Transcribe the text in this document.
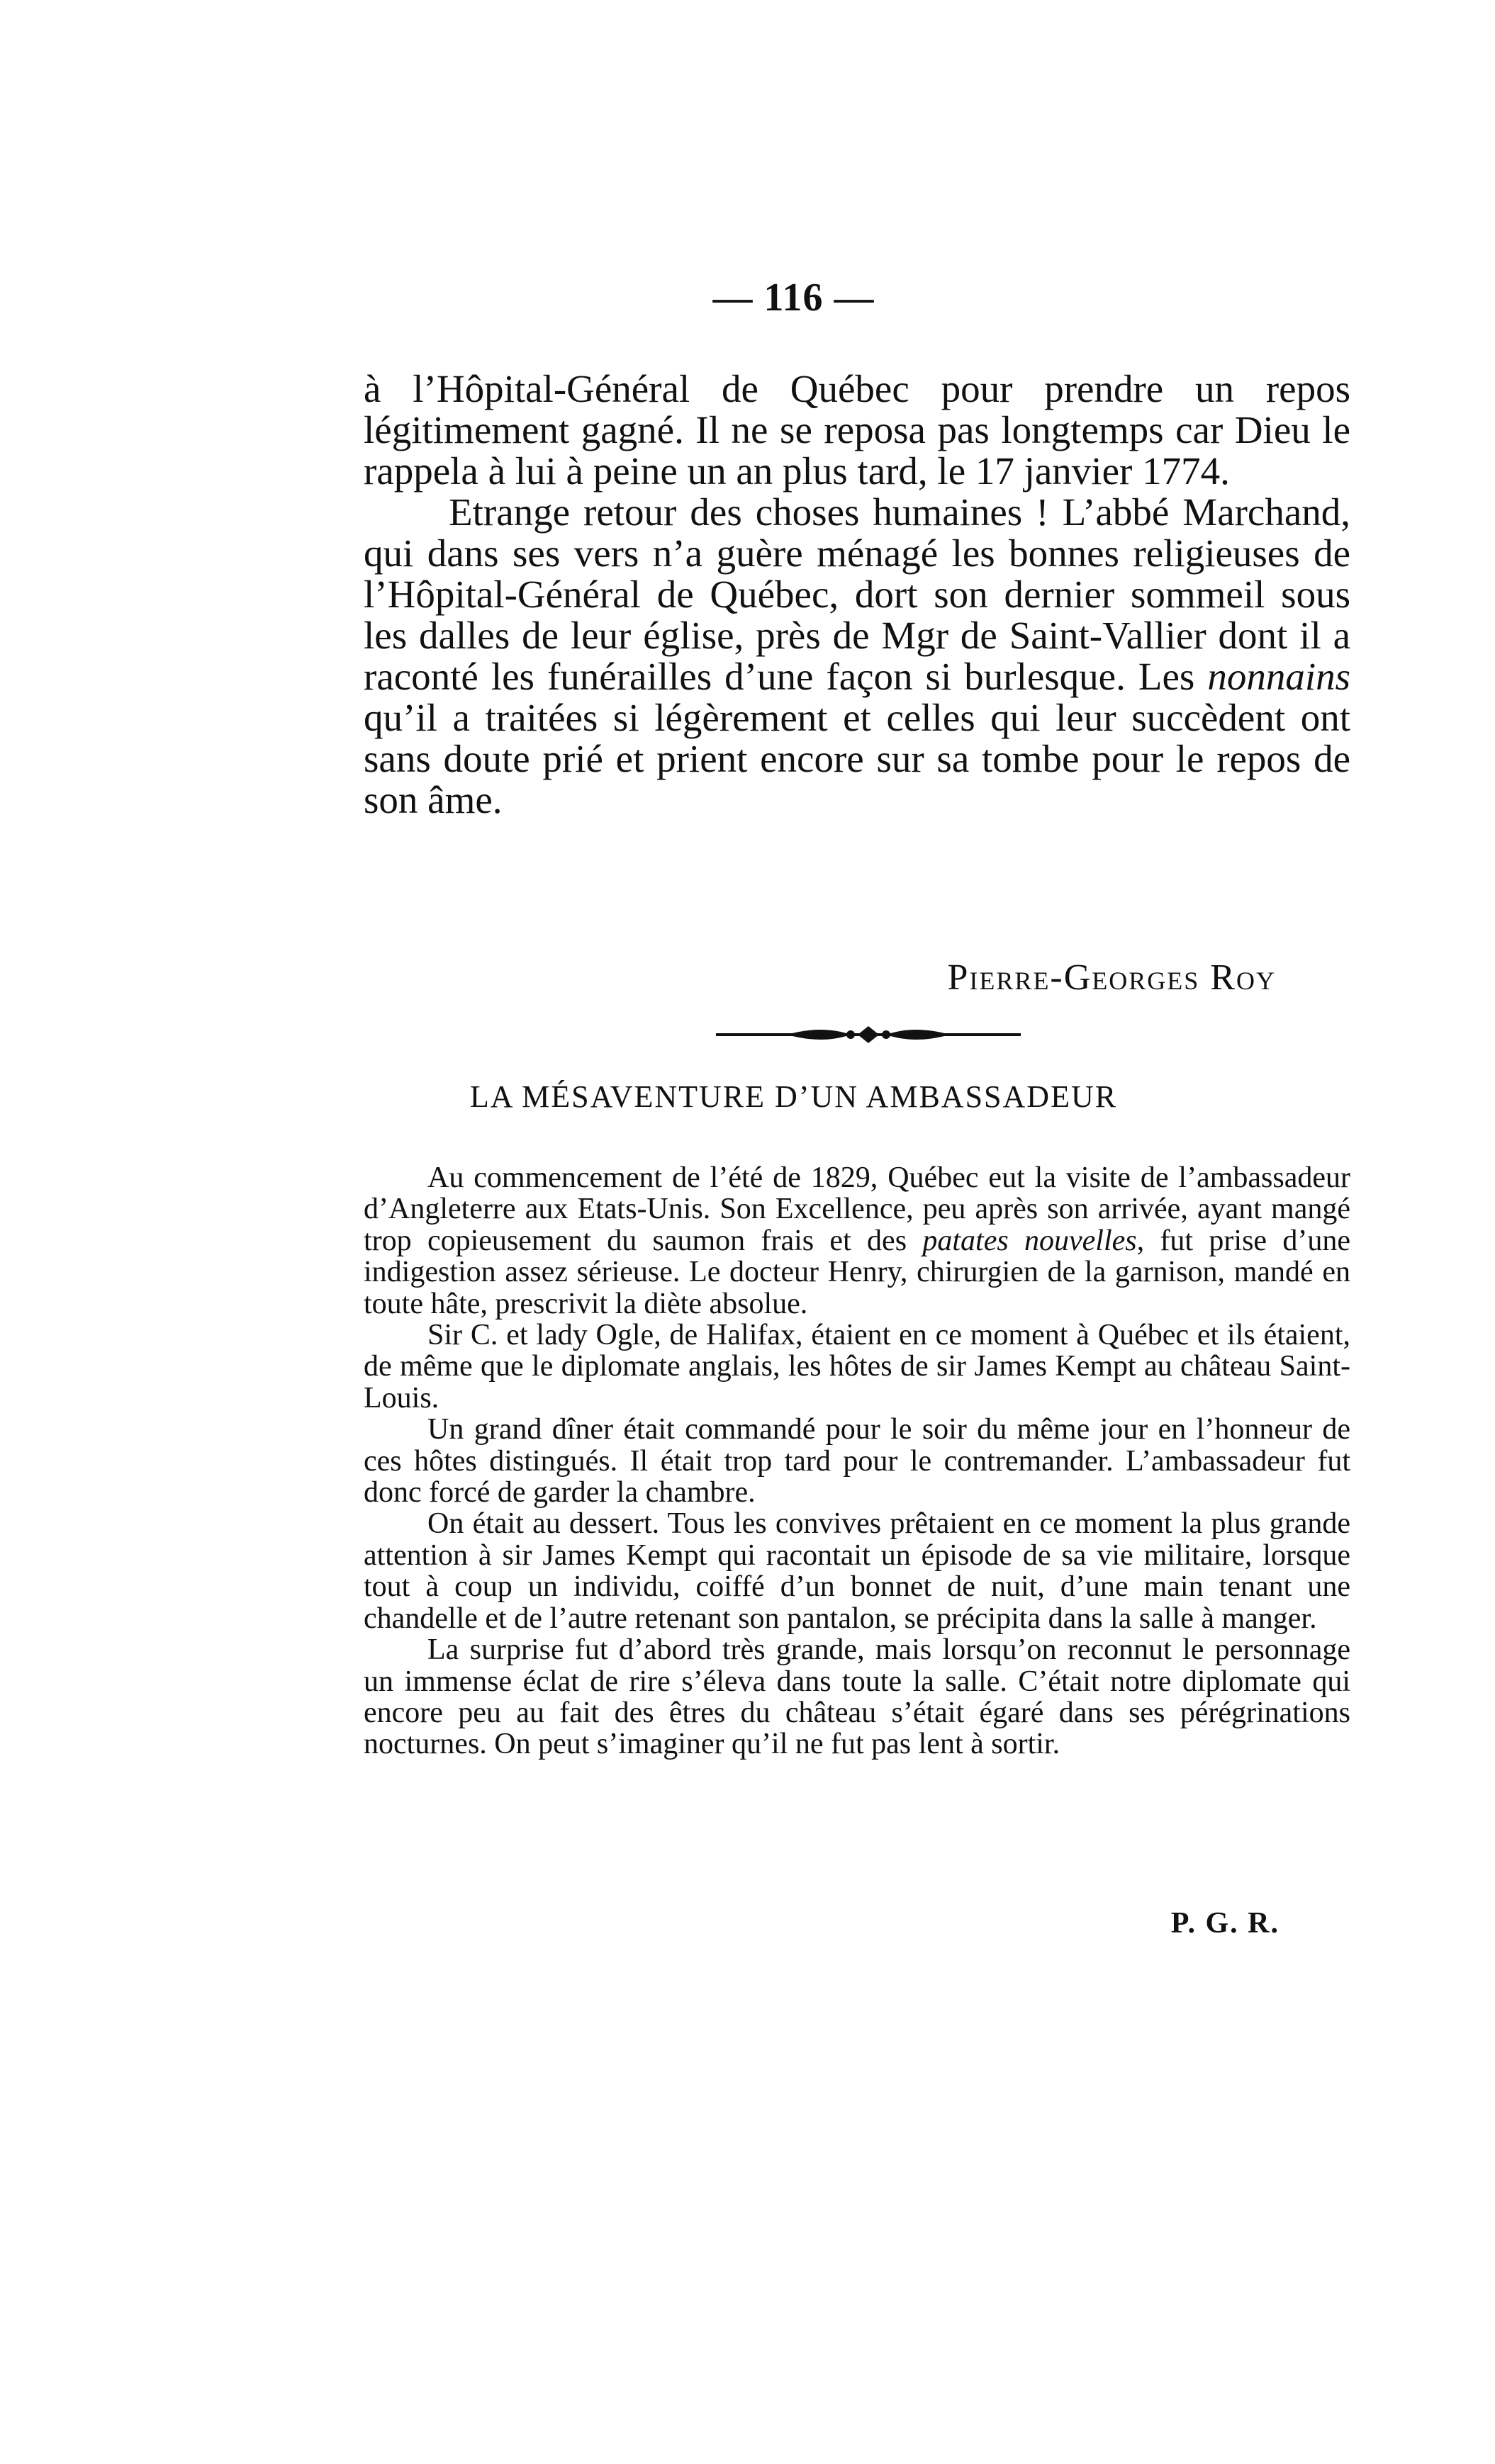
— 116 —

à l’Hôpital-Général de Québec pour prendre un repos légitimement gagné. Il ne se reposa pas longtemps car Dieu le rappela à lui à peine un an plus tard, le 17 janvier 1774.

Etrange retour des choses humaines ! L’abbé Marchand, qui dans ses vers n’a guère ménagé les bonnes religieuses de l’Hôpital-Général de Québec, dort son dernier sommeil sous les dalles de leur église, près de Mgr de Saint-Vallier dont il a raconté les funérailles d’une façon si burlesque. Les nonnains qu’il a traitées si légèrement et celles qui leur succèdent ont sans doute prié et prient encore sur sa tombe pour le repos de son âme.

Pierre-Georges Roy
LA MÉSAVENTURE D’UN AMBASSADEUR

Au commencement de l’été de 1829, Québec eut la visite de l’ambassadeur d’Angleterre aux Etats-Unis. Son Excellence, peu après son arrivée, ayant mangé trop copieusement du saumon frais et des patates nouvelles, fut prise d’une indigestion assez sérieuse. Le docteur Henry, chirurgien de la garnison, mandé en toute hâte, prescrivit la diète absolue.

Sir C. et lady Ogle, de Halifax, étaient en ce moment à Québec et ils étaient, de même que le diplomate anglais, les hôtes de sir James Kempt au château Saint-Louis.

Un grand dîner était commandé pour le soir du même jour en l’honneur de ces hôtes distingués. Il était trop tard pour le contremander. L’ambassadeur fut donc forcé de garder la chambre.

On était au dessert. Tous les convives prêtaient en ce moment la plus grande attention à sir James Kempt qui racontait un épisode de sa vie militaire, lorsque tout à coup un individu, coiffé d’un bonnet de nuit, d’une main tenant une chandelle et de l’autre retenant son pantalon, se précipita dans la salle à manger.

La surprise fut d’abord très grande, mais lorsqu’on reconnut le personnage un immense éclat de rire s’éleva dans toute la salle. C’était notre diplomate qui encore peu au fait des êtres du château s’était égaré dans ses pérégrinations nocturnes. On peut s’imaginer qu’il ne fut pas lent à sortir.

P. G. R.
